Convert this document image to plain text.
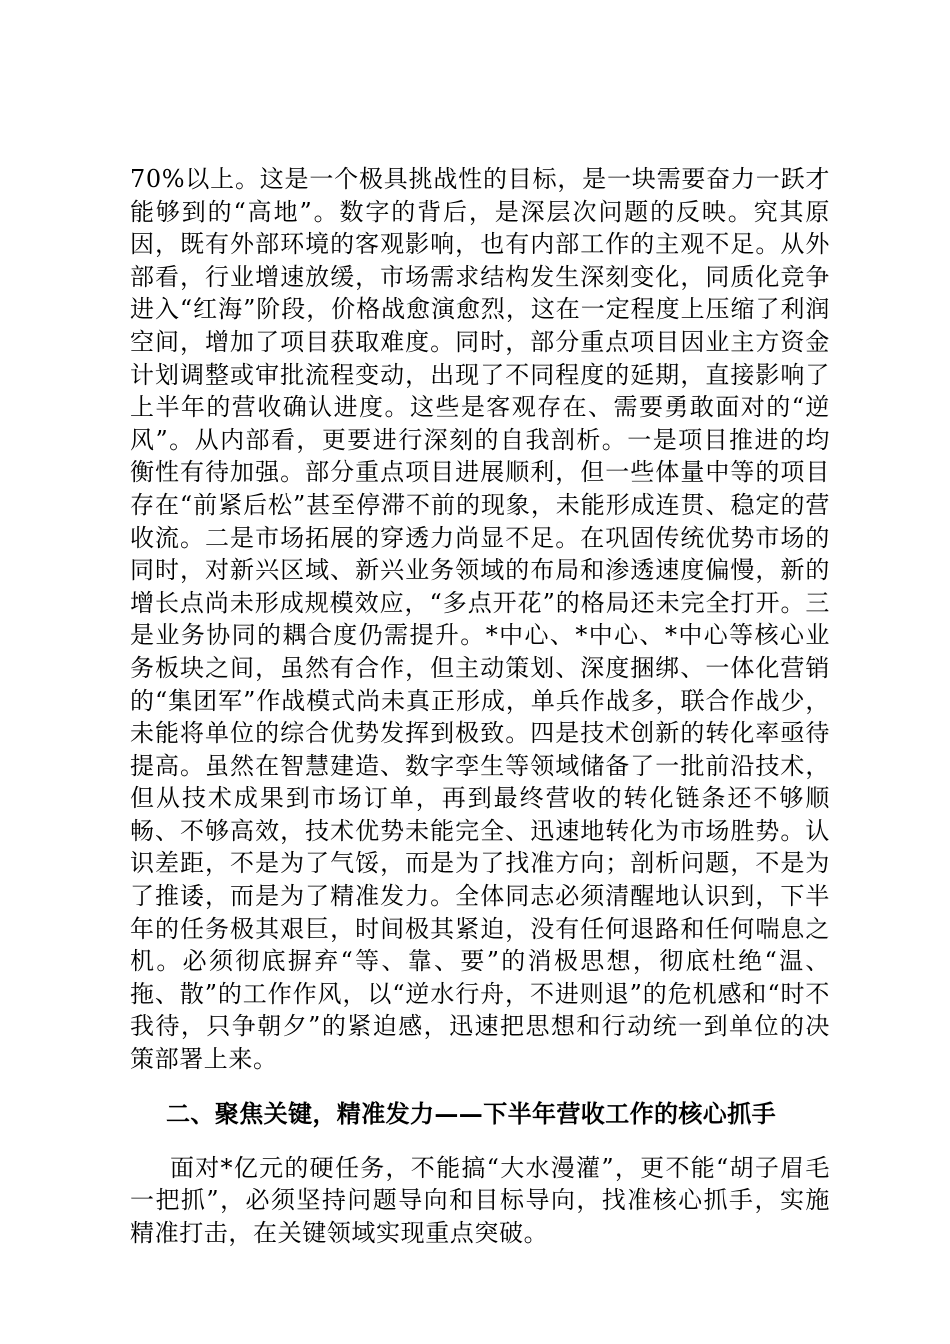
70%以上。这是一个极具挑战性的目标，是一块需要奋力一跃才能够到的“高地”。数字的背后，是深层次问题的反映。究其原因，既有外部环境的客观影响，也有内部工作的主观不足。从外部看，行业增速放缓，市场需求结构发生深刻变化，同质化竞争进入“红海”阶段，价格战愈演愈烈，这在一定程度上压缩了利润空间，增加了项目获取难度。同时，部分重点项目因业主方资金计划调整或审批流程变动，出现了不同程度的延期，直接影响了上半年的营收确认进度。这些是客观存在、需要勇敢面对的“逆风”。从内部看，更要进行深刻的自我剖析。一是项目推进的均衡性有待加强。部分重点项目进展顺利，但一些体量中等的项目存在“前紧后松”甚至停滞不前的现象，未能形成连贯、稳定的营收流。二是市场拓展的穿透力尚显不足。在巩固传统优势市场的同时，对新兴区域、新兴业务领域的布局和渗透速度偏慢，新的增长点尚未形成规模效应，“多点开花”的格局还未完全打开。三是业务协同的耦合度仍需提升。*中心、*中心、*中心等核心业务板块之间，虽然有合作，但主动策划、深度捆绑、一体化营销的“集团军”作战模式尚未真正形成，单兵作战多，联合作战少，未能将单位的综合优势发挥到极致。四是技术创新的转化率亟待提高。虽然在智慧建造、数字孪生等领域储备了一批前沿技术，但从技术成果到市场订单，再到最终营收的转化链条还不够顺畅、不够高效，技术优势未能完全、迅速地转化为市场胜势。认识差距，不是为了气馁，而是为了找准方向；剖析问题，不是为了推诿，而是为了精准发力。全体同志必须清醒地认识到，下半年的任务极其艰巨，时间极其紧迫，没有任何退路和任何喘息之机。必须彻底摒弃“等、靠、要”的消极思想，彻底杜绝“温、拖、散”的工作作风，以“逆水行舟，不进则退”的危机感和“时不我待，只争朝夕”的紧迫感，迅速把思想和行动统一到单位的决策部署上来。

二、聚焦关键，精准发力——下半年营收工作的核心抓手

面对*亿元的硬任务，不能搞“大水漫灌”，更不能“胡子眉毛一把抓”，必须坚持问题导向和目标导向，找准核心抓手，实施精准打击，在关键领域实现重点突破。
